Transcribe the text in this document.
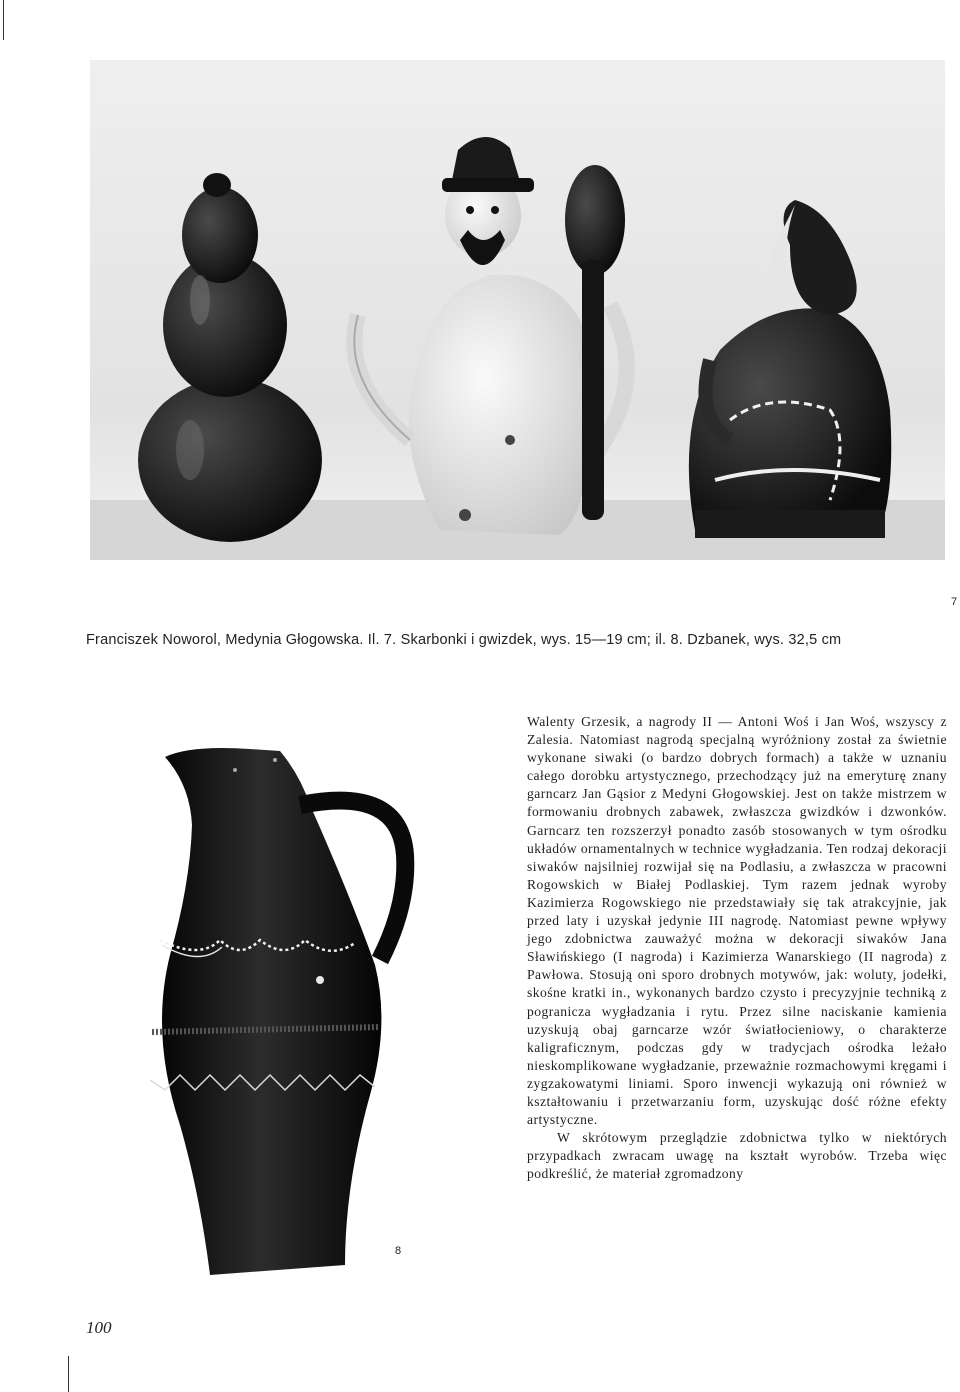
7
Franciszek Noworol, Medynia Głogowska. Il. 7. Skarbonki i gwizdek, wys. 15—19 cm; il. 8. Dzbanek, wys. 32,5 cm
8

Walenty Grzesik, a nagrody II — Antoni Woś i Jan Woś, wszyscy z Zalesia. Natomiast nagrodą specjalną wyróżniony został za świetnie wykonane siwaki (o bardzo dobrych formach) a także w uznaniu całego dorobku artystycznego, przechodzący już na emeryturę znany garncarz Jan Gąsior z Medyni Głogowskiej. Jest on także mistrzem w formowaniu drobnych zabawek, zwłaszcza gwizdków i dzwonków. Garncarz ten rozszerzył ponadto zasób stosowanych w tym ośrodku układów ornamentalnych w technice wygładzania. Ten rodzaj dekoracji siwaków najsilniej rozwijał się na Podlasiu, a zwłaszcza w pracowni Rogowskich w Białej Podlaskiej. Tym razem jednak wyroby Kazimierza Rogowskiego nie przedstawiały się tak atrakcyjnie, jak przed laty i uzyskał jedynie III nagrodę. Natomiast pewne wpływy jego zdobnictwa zauważyć można w dekoracji siwaków Jana Sławińskiego (I nagroda) i Kazimierza Wanarskiego (II nagroda) z Pawłowa. Stosują oni sporo drobnych motywów, jak: woluty, jodełki, skośne kratki in., wykonanych bardzo czysto i precyzyjnie techniką z pogranicza wygładzania i rytu. Przez silne naciskanie kamienia uzyskują obaj garncarze wzór światłocieniowy, o charakterze kaligraficznym, podczas gdy w tradycjach ośrodka leżało nieskomplikowane wygładzanie, przeważnie rozmachowymi kręgami i zygzakowatymi liniami. Sporo inwencji wykazują oni również w kształtowaniu i przetwarzaniu form, uzyskując dość różne efekty artystyczne.

W skrótowym przeglądzie zdobnictwa tylko w niektórych przypadkach zwracam uwagę na kształt wyrobów. Trzeba więc podkreślić, że materiał zgromadzony

100
